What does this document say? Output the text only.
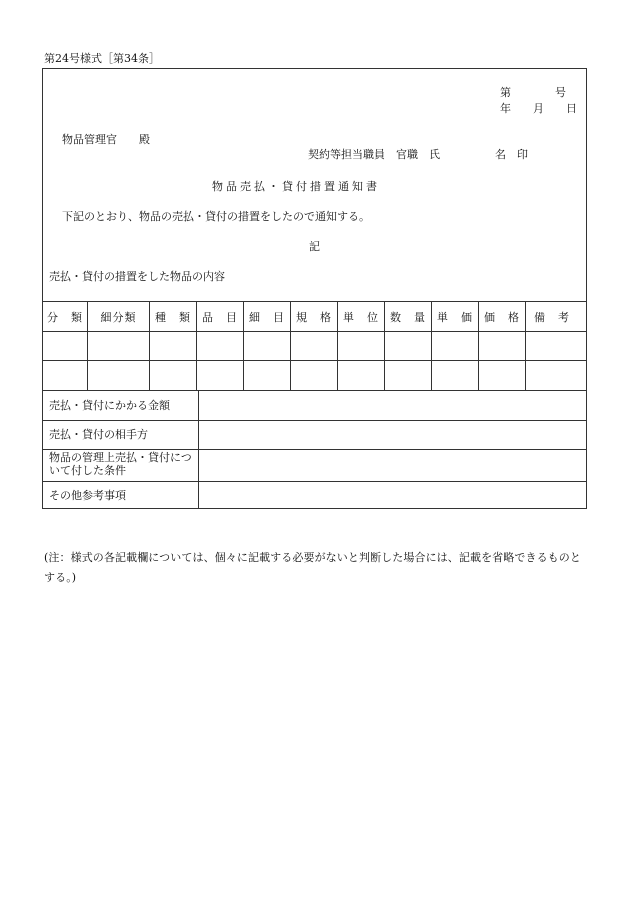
第24号様式［第34条］
第　　　　号
年　　月　　日
物品管理官　　殿
契約等担当職員　官職　氏　　　　　名　印
物品売払・貸付措置通知書
下記のとおり、物品の売払・貸付の措置をしたので通知する。
記
売払・貸付の措置をした物品の内容
分　類	細分類	種　類	品　目	細　目	規　格	単　位	数　量	単　価	価　格	備　考
売払・貸付にかかる金額
売払・貸付の相手方
物品の管理上売払・貸付について付した条件
その他参考事項
(注：様式の各記載欄については、個々に記載する必要がないと判断した場合には、記載を省略できるものとする。)
